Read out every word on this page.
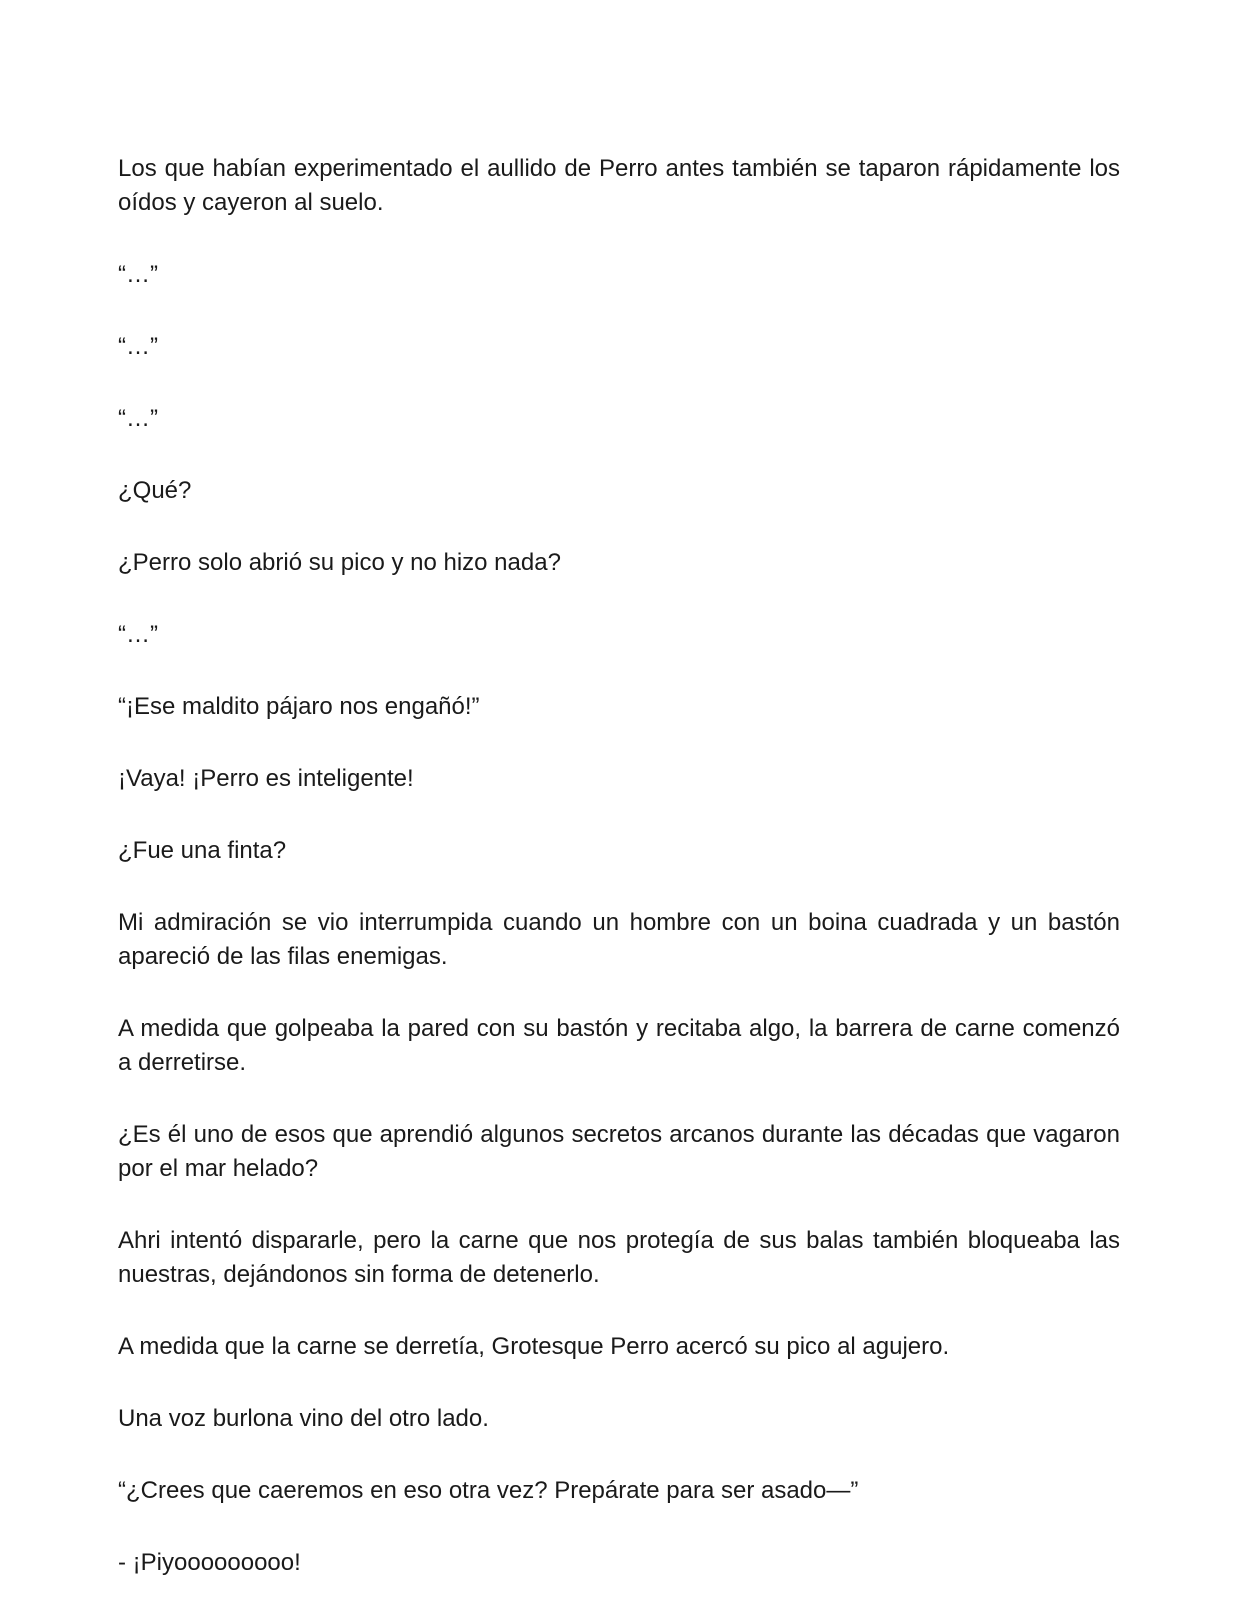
Los que habían experimentado el aullido de Perro antes también se taparon rápidamente los oídos y cayeron al suelo.

“…”

“…”

“…”

¿Qué?

¿Perro solo abrió su pico y no hizo nada?

“…”

“¡Ese maldito pájaro nos engañó!”

¡Vaya! ¡Perro es inteligente!

¿Fue una finta?

Mi admiración se vio interrumpida cuando un hombre con un boina cuadrada y un bastón apareció de las filas enemigas.

A medida que golpeaba la pared con su bastón y recitaba algo, la barrera de carne comenzó a derretirse.

¿Es él uno de esos que aprendió algunos secretos arcanos durante las décadas que vagaron por el mar helado?

Ahri intentó dispararle, pero la carne que nos protegía de sus balas también bloqueaba las nuestras, dejándonos sin forma de detenerlo.

A medida que la carne se derretía, Grotesque Perro acercó su pico al agujero.

Una voz burlona vino del otro lado.

“¿Crees que caeremos en eso otra vez? Prepárate para ser asado—”

- ¡Piyooooooooo!
